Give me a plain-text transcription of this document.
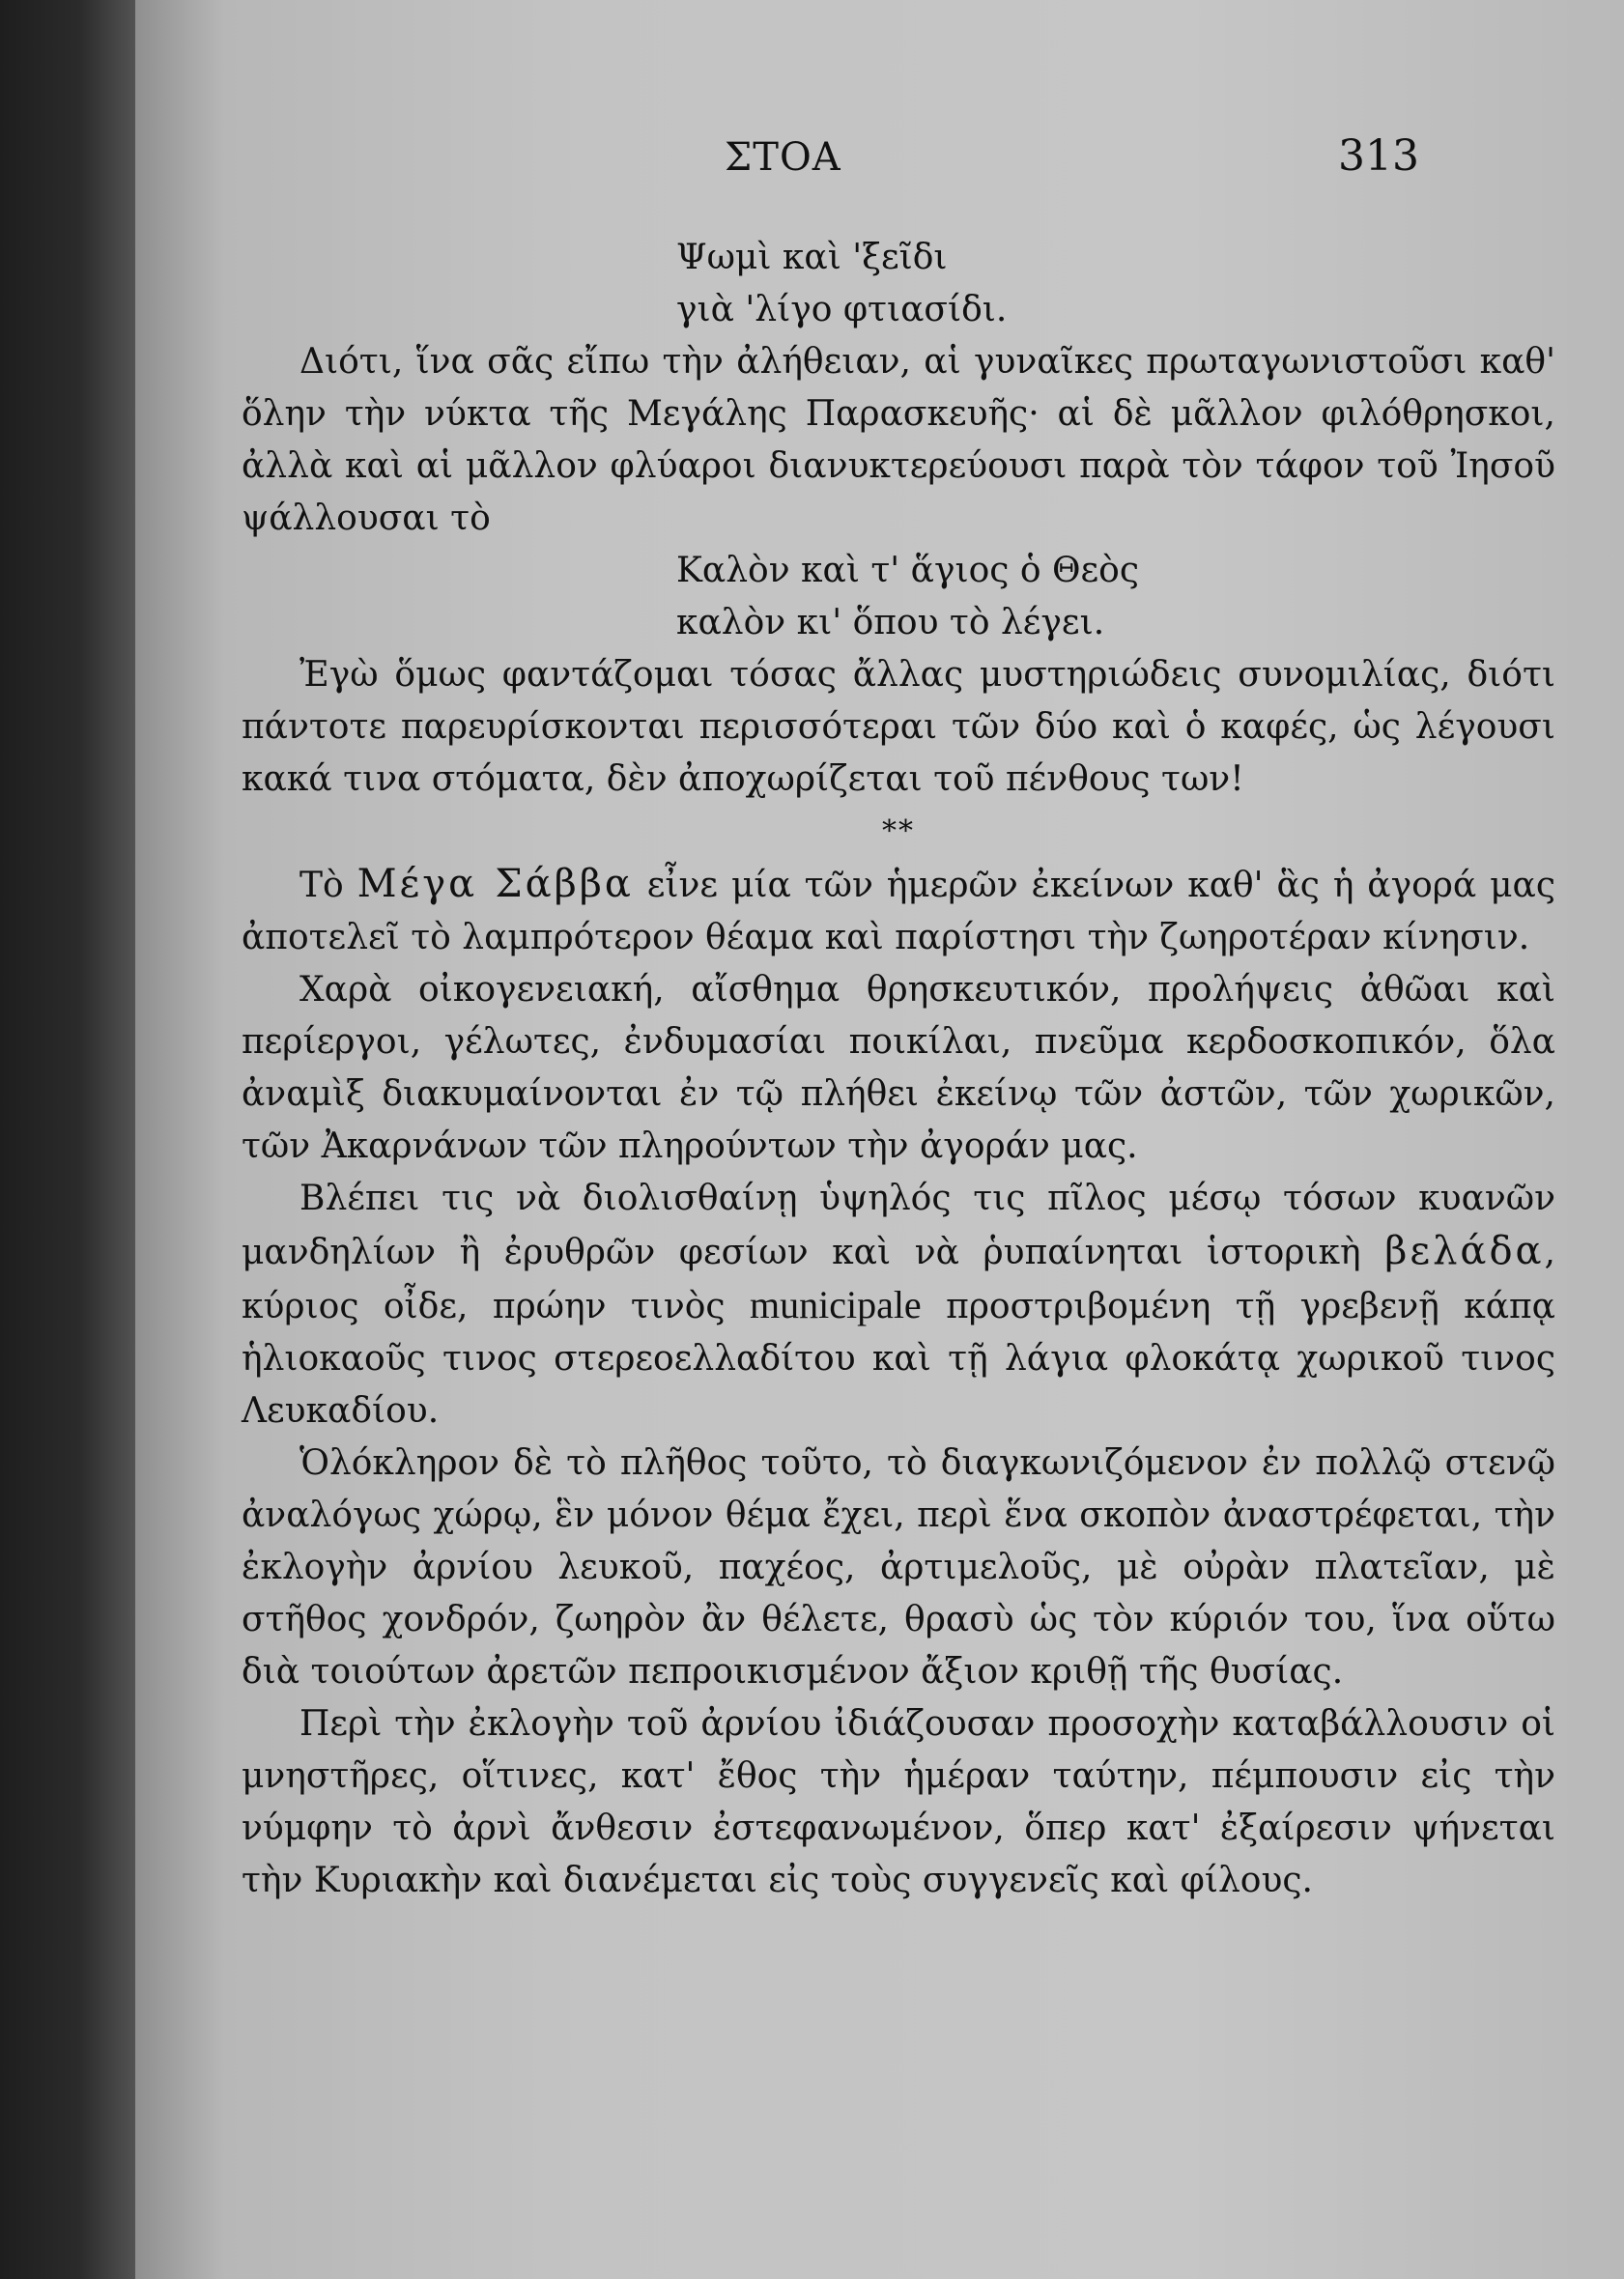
ΣΤΟΑ	313

Ψωμὶ καὶ 'ξεῖδι
γιὰ 'λίγο φτιασίδι.

Διότι, ἵνα σᾶς εἴπω τὴν ἀλήθειαν, αἱ γυναῖκες πρωταγωνιστοῦσι καθ' ὅλην τὴν νύκτα τῆς Μεγάλης Παρασκευῆς· αἱ δὲ μᾶλλον φιλόθρησκοι, ἀλλὰ καὶ αἱ μᾶλλον φλύαροι διανυκτερεύουσι παρὰ τὸν τάφον τοῦ Ἰησοῦ ψάλλουσαι τὸ

Καλὸν καὶ τ' ἅγιος ὁ Θεὸς
καλὸν κι' ὅπου τὸ λέγει.

Ἐγὼ ὅμως φαντάζομαι τόσας ἄλλας μυστηριώδεις συνομιλίας, διότι πάντοτε παρευρίσκονται περισσότεραι τῶν δύο καὶ ὁ καφές, ὡς λέγουσι κακά τινα στόματα, δὲν ἀποχωρίζεται τοῦ πένθους των!

**

Τὸ Μέγα Σάββα εἶνε μία τῶν ἡμερῶν ἐκείνων καθ' ἃς ἡ ἀγορά μας ἀποτελεῖ τὸ λαμπρότερον θέαμα καὶ παρίστησι τὴν ζωηροτέραν κίνησιν.

Χαρὰ οἰκογενειακή, αἴσθημα θρησκευτικόν, προλήψεις ἀθῶαι καὶ περίεργοι, γέλωτες, ἐνδυμασίαι ποικίλαι, πνεῦμα κερδοσκοπικόν, ὅλα ἀναμὶξ διακυμαίνονται ἐν τῷ πλήθει ἐκείνῳ τῶν ἀστῶν, τῶν χωρικῶν, τῶν Ἀκαρνάνων τῶν πληρούντων τὴν ἀγοράν μας.

Βλέπει τις νὰ διολισθαίνῃ ὑψηλός τις πῖλος μέσῳ τόσων κυανῶν μανδηλίων ἢ ἐρυθρῶν φεσίων καὶ νὰ ῥυπαίνηται ἱστορικὴ βελάδα, κύριος οἶδε, πρώην τινὸς municipale προστριβομένη τῇ γρεβενῇ κάπᾳ ἡλιοκαοῦς τινος στερεοελλαδίτου καὶ τῇ λάγια φλοκάτᾳ χωρικοῦ τινος Λευκαδίου.

Ὁλόκληρον δὲ τὸ πλῆθος τοῦτο, τὸ διαγκωνιζόμενον ἐν πολλῷ στενῷ ἀναλόγως χώρῳ, ἓν μόνον θέμα ἔχει, περὶ ἕνα σκοπὸν ἀναστρέφεται, τὴν ἐκλογὴν ἀρνίου λευκοῦ, παχέος, ἀρτιμελοῦς, μὲ οὐρὰν πλατεῖαν, μὲ στῆθος χονδρόν, ζωηρὸν ἂν θέλετε, θρασὺ ὡς τὸν κύριόν του, ἵνα οὕτω διὰ τοιούτων ἀρετῶν πεπροικισμένον ἄξιον κριθῇ τῆς θυσίας.

Περὶ τὴν ἐκλογὴν τοῦ ἀρνίου ἰδιάζουσαν προσοχὴν καταβάλλουσιν οἱ μνηστῆρες, οἵτινες, κατ' ἔθος τὴν ἡμέραν ταύτην, πέμπουσιν εἰς τὴν νύμφην τὸ ἀρνὶ ἄνθεσιν ἐστεφανωμένον, ὅπερ κατ' ἐξαίρεσιν ψήνεται τὴν Κυριακὴν καὶ διανέμεται εἰς τοὺς συγγενεῖς καὶ φίλους.
